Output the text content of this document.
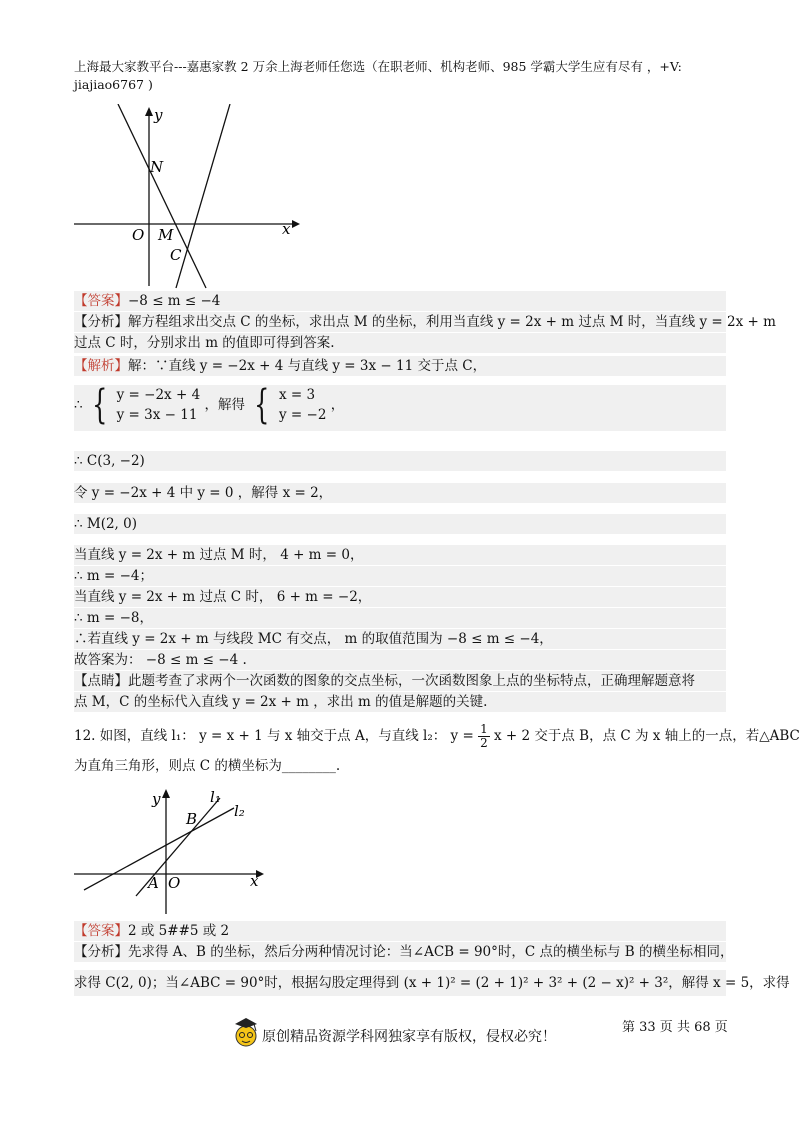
上海最大家教平台---嘉惠家教 2 万余上海老师任您选（在职老师、机构老师、985 学霸大学生应有尽有 ，+V:
jiajiao6767 )
y
x
N
O M
C
【答案】−8 ≤ m ≤ −4
【分析】解方程组求出交点 C 的坐标，求出点 M 的坐标，利用当直线 y = 2x + m 过点 M 时，当直线 y = 2x + m
过点 C 时，分别求出 m 的值即可得到答案.
【解析】解：∵直线 y = −2x + 4 与直线 y = 3x − 11 交于点 C，
∴ { y = −2x + 4
y = 3x − 11
，解得 { x = 3
y = −2
，
∴ C(3, −2)
令 y = −2x + 4 中 y = 0 ，解得 x = 2，
∴ M(2, 0)
当直线 y = 2x + m 过点 M 时， 4 + m = 0，
∴ m = −4；
当直线 y = 2x + m 过点 C 时， 6 + m = −2，
∴ m = −8，
∴若直线 y = 2x + m 与线段 MC 有交点， m 的取值范围为 −8 ≤ m ≤ −4，
故答案为： −8 ≤ m ≤ −4 .
【点睛】此题考查了求两个一次函数的图象的交点坐标，一次函数图象上点的坐标特点，正确理解题意将
点 M，C 的坐标代入直线 y = 2x + m ，求出 m 的值是解题的关键.
12. 如图，直线 l₁： y = x + 1 与 x 轴交于点 A，与直线 l₂： $y = \frac{1}{2}$ x + 2 交于点 B，点 C 为 x 轴上的一点，若△ABC
为直角三角形，则点 C 的横坐标为________.
y
x
l₁
l₂
B
A O
【答案】2 或 5##5 或 2
【分析】先求得 A、B 的坐标，然后分两种情况讨论：当∠ACB = 90°时，C 点的横坐标与 B 的横坐标相同，
求得 C(2, 0)；当∠ABC = 90°时，根据勾股定理得到 (x + 1)² = (2 + 1)² + 3² + (2 − x)² + 3²，解得 x = 5，求得
原创精品资源学科网独家享有版权，侵权必究！
第 33 页 共 68 页
